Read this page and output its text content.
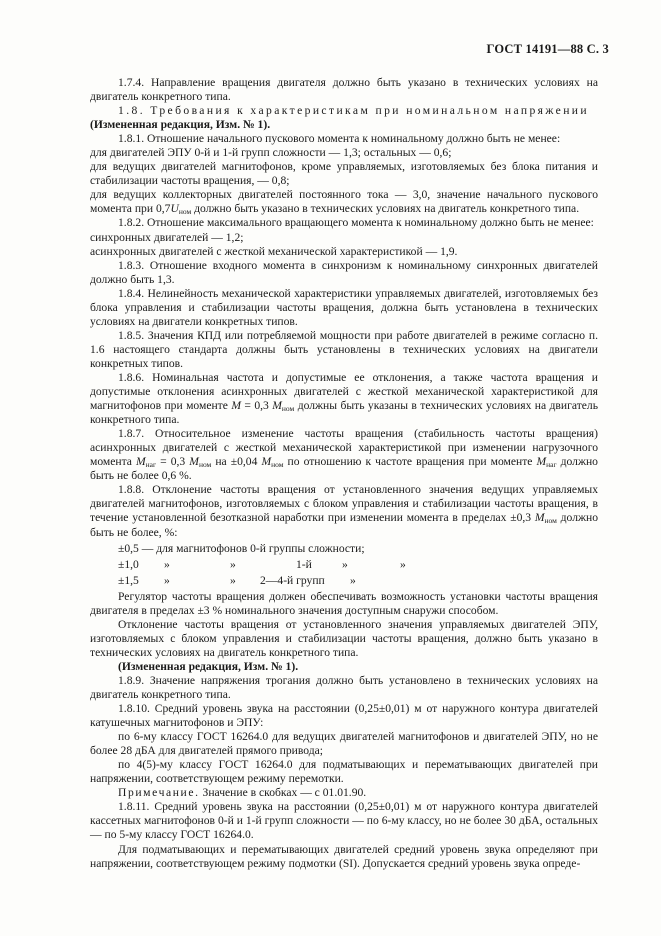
ГОСТ 14191—88 С. 3

1.7.4. Направление вращения двигателя должно быть указано в технических условиях на двигатель конкретного типа.

1.8. Требования к характеристикам при номинальном напряжении

(Измененная редакция, Изм. № 1).

1.8.1. Отношение начального пускового момента к номинальному должно быть не менее:

для двигателей ЭПУ 0-й и 1-й групп сложности — 1,3; остальных — 0,6;

для ведущих двигателей магнитофонов, кроме управляемых, изготовляемых без блока питания и стабилизации частоты вращения, — 0,8;

для ведущих коллекторных двигателей постоянного тока — 3,0, значение начального пускового момента при $0,7U_{ном}$ должно быть указано в технических условиях на двигатель конкретного типа.

1.8.2. Отношение максимального вращающего момента к номинальному должно быть не менее:

синхронных двигателей — 1,2;

асинхронных двигателей с жесткой механической характеристикой — 1,9.

1.8.3. Отношение входного момента в синхронизм к номинальному синхронных двигателей должно быть 1,3.

1.8.4. Нелинейность механической характеристики управляемых двигателей, изготовляемых без блока управления и стабилизации частоты вращения, должна быть установлена в технических условиях на двигатели конкретных типов.

1.8.5. Значения КПД или потребляемой мощности при работе двигателей в режиме согласно п. 1.6 настоящего стандарта должны быть установлены в технических условиях на двигатели конкретных типов.

1.8.6. Номинальная частота и допустимые ее отклонения, а также частота вращения и допустимые отклонения асинхронных двигателей с жесткой механической характеристикой для магнитофонов при моменте M = 0,3 $M_{ном}$ должны быть указаны в технических условиях на двигатель конкретного типа.

1.8.7. Относительное изменение частоты вращения (стабильность частоты вращения) асинхронных двигателей с жесткой механической характеристикой при изменении нагрузочного момента $M_{наг} = 0,3$ $M_{ном}$ на ±0,04 $M_{ном}$ по отношению к частоте вращения при моменте $M_{наг}$ должно быть не более 0,6 %.

1.8.8. Отклонение частоты вращения от установленного значения ведущих управляемых двигателей магнитофонов, изготовляемых с блоком управления и стабилизации частоты вращения, в течение установленной безотказной наработки при изменении момента в пределах ±0,3 $M_{ном}$ должно быть не более, %:

±0,5 — для магнитофонов 0-й группы сложности;

±1,0	»	»	1-й	»	»
±1,5	»	»	2—4-й групп	»

Регулятор частоты вращения должен обеспечивать возможность установки частоты вращения двигателя в пределах ±3 % номинального значения доступным снаружи способом.

Отклонение частоты вращения от установленного значения управляемых двигателей ЭПУ, изготовляемых с блоком управления и стабилизации частоты вращения, должно быть указано в технических условиях на двигатель конкретного типа.

(Измененная редакция, Изм. № 1).

1.8.9. Значение напряжения трогания должно быть установлено в технических условиях на двигатель конкретного типа.

1.8.10. Средний уровень звука на расстоянии (0,25±0,01) м от наружного контура двигателей катушечных магнитофонов и ЭПУ:

по 6-му классу ГОСТ 16264.0 для ведущих двигателей магнитофонов и двигателей ЭПУ, но не более 28 дБА для двигателей прямого привода;

по 4(5)-му классу ГОСТ 16264.0 для подматывающих и перематывающих двигателей при напряжении, соответствующем режиму перемотки.

Примечание. Значение в скобках — с 01.01.90.

1.8.11. Средний уровень звука на расстоянии (0,25±0,01) м от наружного контура двигателей кассетных магнитофонов 0-й и 1-й групп сложности — по 6-му классу, но не более 30 дБА, остальных — по 5-му классу ГОСТ 16264.0.

Для подматывающих и перематывающих двигателей средний уровень звука определяют при напряжении, соответствующем режиму подмотки (SI). Допускается средний уровень звука опреде-
